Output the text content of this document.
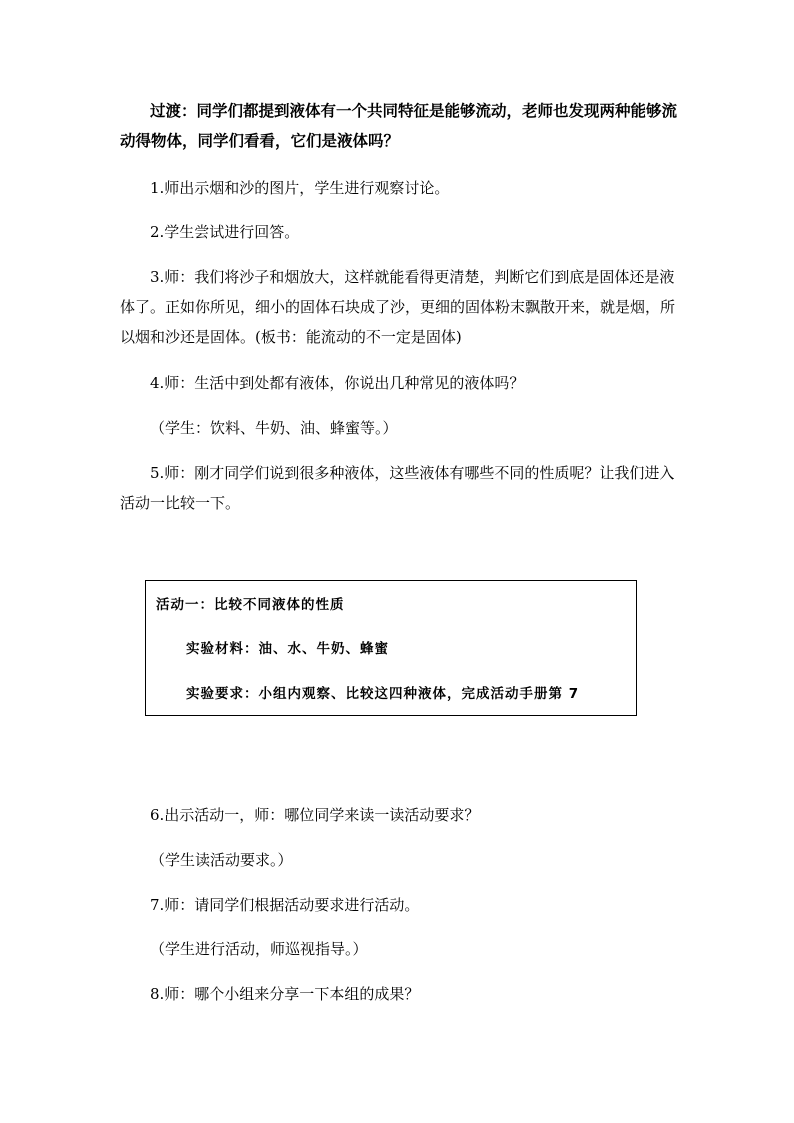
过渡：同学们都提到液体有一个共同特征是能够流动，老师也发现两种能够流动得物体，同学们看看，它们是液体吗？
1.师出示烟和沙的图片，学生进行观察讨论。
2.学生尝试进行回答。
3.师：我们将沙子和烟放大，这样就能看得更清楚，判断它们到底是固体还是液体了。正如你所见，细小的固体石块成了沙，更细的固体粉末飘散开来，就是烟，所以烟和沙还是固体。(板书：能流动的不一定是固体)
4.师：生活中到处都有液体，你说出几种常见的液体吗？
（学生：饮料、牛奶、油、蜂蜜等。）
5.师：刚才同学们说到很多种液体，这些液体有哪些不同的性质呢？让我们进入活动一比较一下。
活动一：比较不同液体的性质
实验材料：油、水、牛奶、蜂蜜
实验要求：小组内观察、比较这四种液体，完成活动手册第 7
6.出示活动一，师：哪位同学来读一读活动要求？
（学生读活动要求。）
7.师：请同学们根据活动要求进行活动。
（学生进行活动，师巡视指导。）
8.师：哪个小组来分享一下本组的成果？
